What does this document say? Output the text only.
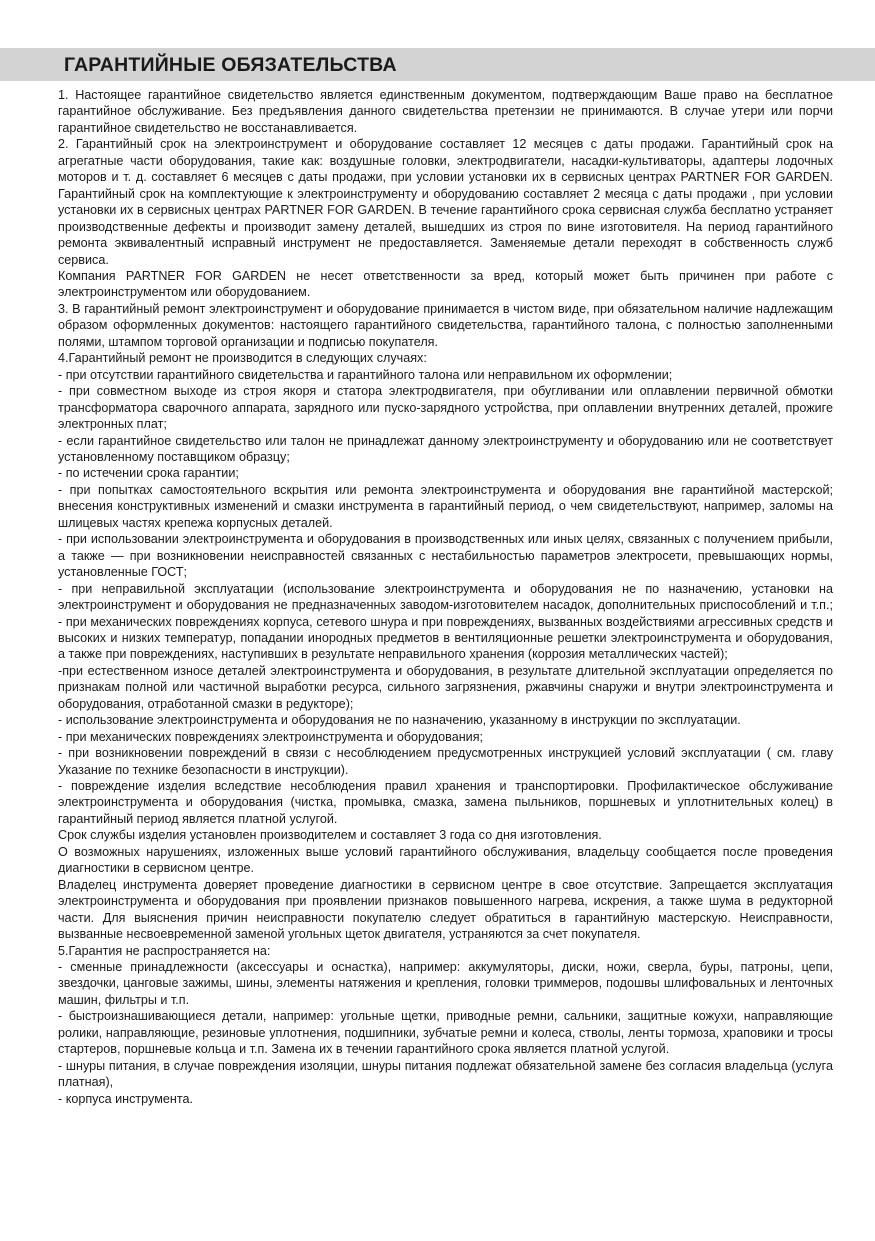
ГАРАНТИЙНЫЕ ОБЯЗАТЕЛЬСТВА

1. Настоящее гарантийное свидетельство является единственным документом, подтверждающим Ваше право на бесплатное гарантийное обслуживание. Без предъявления данного свидетельства претензии не принимаются. В случае утери или порчи гарантийное свидетельство не восстанавливается.

2. Гарантийный срок на электроинструмент и оборудование составляет 12 месяцев с даты продажи. Гарантийный срок на агрегатные части оборудования, такие как: воздушные головки, электродвигатели, насадки-культиваторы, адаптеры лодочных моторов и т. д. составляет 6 месяцев с даты продажи, при условии установки их в сервисных центрах PARTNER FOR GARDEN. Гарантийный срок на комплектующие к электроинструменту и оборудованию составляет 2 месяца с даты продажи , при условии установки их в сервисных центрах PARTNER FOR GARDEN. В течение гарантийного срока сервисная служба бесплатно устраняет производственные дефекты и производит замену деталей, вышедших из строя по вине изготовителя. На период гарантийного ремонта эквивалентный исправный инструмент не предоставляется. Заменяемые детали переходят в собственность служб сервиса.

Компания PARTNER FOR GARDEN не несет ответственности за вред, который может быть причинен при работе с электроинструментом или оборудованием.

3. В гарантийный ремонт электроинструмент и оборудование принимается в чистом виде, при обязательном наличие надлежащим образом оформленных документов: настоящего гарантийного свидетельства, гарантийного талона, с полностью заполненными полями, штампом торговой организации и подписью покупателя.

4.Гарантийный ремонт не производится в следующих случаях:

- при отсутствии гарантийного свидетельства и гарантийного талона или неправильном их оформлении;

- при совместном выходе из строя якоря и статора электродвигателя, при обугливании или оплавлении первичной обмотки трансформатора сварочного аппарата, зарядного или пуско-зарядного устройства, при оплавлении внутренних деталей, прожиге электронных плат;

- если гарантийное свидетельство или талон не принадлежат данному электроинструменту и оборудованию или не соответствует установленному поставщиком образцу;

- по истечении срока гарантии;

- при попытках самостоятельного вскрытия или ремонта электроинструмента и оборудования вне гарантийной мастерской; внесения конструктивных изменений и смазки инструмента в гарантийный период, о чем свидетельствуют, например, заломы на шлицевых частях крепежа корпусных деталей.

- при использовании электроинструмента и оборудования в производственных или иных целях, связанных с получением прибыли, а также — при возникновении неисправностей связанных с нестабильностью параметров электросети, превышающих нормы, установленные ГОСТ;

- при неправильной эксплуатации (использование электроинструмента и оборудования не по назначению, установки на электроинструмент и оборудования не предназначенных заводом-изготовителем насадок, дополнительных приспособлений и т.п.; - при механических повреждениях корпуса, сетевого шнура и при повреждениях, вызванных воздействиями агрессивных средств и высоких и низких температур, попадании инородных предметов в вентиляционные решетки электроинструмента и оборудования, а также при повреждениях, наступивших в результате неправильного хранения (коррозия металлических частей);

-при естественном износе деталей электроинструмента и оборудования, в результате длительной эксплуатации определяется по признакам полной или частичной выработки ресурса, сильного загрязнения, ржавчины снаружи и внутри электроинструмента и оборудования, отработанной смазки в редукторе);

- использование электроинструмента и оборудования не по назначению, указанному в инструкции по эксплуатации.

- при механических повреждениях электроинструмента и оборудования;

- при возникновении повреждений в связи с несоблюдением предусмотренных инструкцией условий эксплуатации ( см. главу Указание по технике безопасности в инструкции).

- повреждение изделия вследствие несоблюдения правил хранения и транспортировки. Профилактическое обслуживание электроинструмента и оборудования (чистка, промывка, смазка, замена пыльников, поршневых и уплотнительных колец) в гарантийный период является платной услугой.

Срок службы изделия установлен производителем и составляет 3 года со дня изготовления.

О возможных нарушениях, изложенных выше условий гарантийного обслуживания, владельцу сообщается после проведения диагностики в сервисном центре.

Владелец инструмента доверяет проведение диагностики в сервисном центре в свое отсутствие. Запрещается эксплуатация электроинструмента и оборудования при проявлении признаков повышенного нагрева, искрения, а также шума в редукторной части. Для выяснения причин неисправности покупателю следует обратиться в гарантийную мастерскую. Неисправности, вызванные несвоевременной заменой угольных щеток двигателя, устраняются за счет покупателя.

5.Гарантия не распространяется на:

- сменные принадлежности (аксессуары и оснастка), например: аккумуляторы, диски, ножи, сверла, буры, патроны, цепи, звездочки, цанговые зажимы, шины, элементы натяжения и крепления, головки триммеров, подошвы шлифовальных и ленточных машин, фильтры и т.п.

- быстроизнашивающиеся детали, например: угольные щетки, приводные ремни, сальники, защитные кожухи, направляющие ролики, направляющие, резиновые уплотнения, подшипники, зубчатые ремни и колеса, стволы, ленты тормоза, храповики и тросы стартеров, поршневые кольца и т.п. Замена их в течении гарантийного срока является платной услугой.

- шнуры питания, в случае повреждения изоляции, шнуры питания подлежат обязательной замене без согласия владельца (услуга платная),

- корпуса инструмента.
